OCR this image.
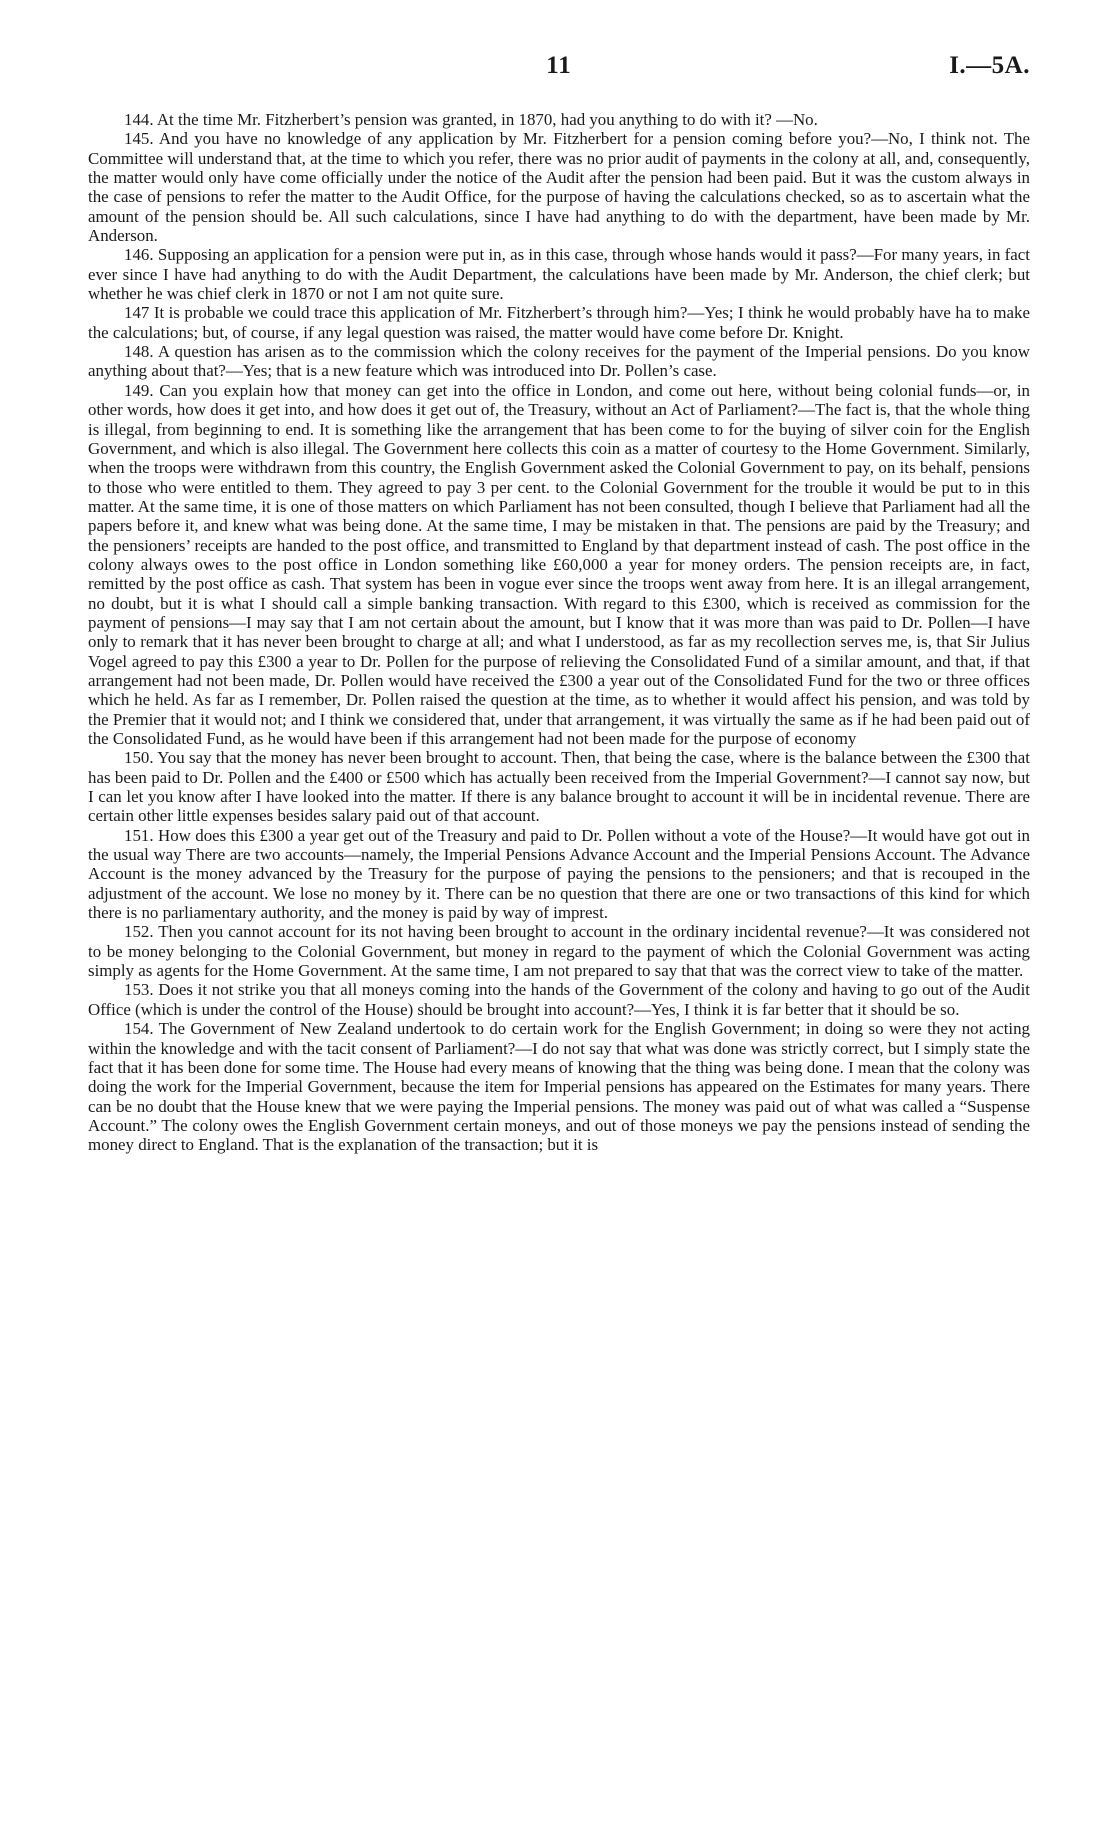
11	I.—5A.

144. At the time Mr. Fitzherbert’s pension was granted, in 1870, had you anything to do with it? —No.

145. And you have no knowledge of any application by Mr. Fitzherbert for a pension coming before you?—No, I think not. The Committee will understand that, at the time to which you refer, there was no prior audit of payments in the colony at all, and, consequently, the matter would only have come officially under the notice of the Audit after the pension had been paid. But it was the custom always in the case of pensions to refer the matter to the Audit Office, for the purpose of having the calculations checked, so as to ascertain what the amount of the pension should be. All such calculations, since I have had anything to do with the department, have been made by Mr. Anderson.

146. Supposing an application for a pension were put in, as in this case, through whose hands would it pass?—For many years, in fact ever since I have had anything to do with the Audit Department, the calculations have been made by Mr. Anderson, the chief clerk; but whether he was chief clerk in 1870 or not I am not quite sure.

147 It is probable we could trace this application of Mr. Fitzherbert’s through him?—Yes; I think he would probably have ha to make the calculations; but, of course, if any legal question was raised, the matter would have come before Dr. Knight.

148. A question has arisen as to the commission which the colony receives for the payment of the Imperial pensions. Do you know anything about that?—Yes; that is a new feature which was introduced into Dr. Pollen’s case.

149. Can you explain how that money can get into the office in London, and come out here, without being colonial funds—or, in other words, how does it get into, and how does it get out of, the Treasury, without an Act of Parliament?—The fact is, that the whole thing is illegal, from beginning to end. It is something like the arrangement that has been come to for the buying of silver coin for the English Government, and which is also illegal. The Government here collects this coin as a matter of courtesy to the Home Government. Similarly, when the troops were withdrawn from this country, the English Government asked the Colonial Government to pay, on its behalf, pensions to those who were entitled to them. They agreed to pay 3 per cent. to the Colonial Government for the trouble it would be put to in this matter. At the same time, it is one of those matters on which Parliament has not been consulted, though I believe that Parliament had all the papers before it, and knew what was being done. At the same time, I may be mistaken in that. The pensions are paid by the Treasury; and the pensioners’ receipts are handed to the post office, and transmitted to England by that department instead of cash. The post office in the colony always owes to the post office in London something like £60,000 a year for money orders. The pension receipts are, in fact, remitted by the post office as cash. That system has been in vogue ever since the troops went away from here. It is an illegal arrangement, no doubt, but it is what I should call a simple banking transaction. With regard to this £300, which is received as commission for the payment of pensions—I may say that I am not certain about the amount, but I know that it was more than was paid to Dr. Pollen—I have only to remark that it has never been brought to charge at all; and what I understood, as far as my recollection serves me, is, that Sir Julius Vogel agreed to pay this £300 a year to Dr. Pollen for the purpose of relieving the Consolidated Fund of a similar amount, and that, if that arrangement had not been made, Dr. Pollen would have received the £300 a year out of the Consolidated Fund for the two or three offices which he held. As far as I remember, Dr. Pollen raised the question at the time, as to whether it would affect his pension, and was told by the Premier that it would not; and I think we considered that, under that arrangement, it was virtually the same as if he had been paid out of the Consolidated Fund, as he would have been if this arrangement had not been made for the purpose of economy

150. You say that the money has never been brought to account. Then, that being the case, where is the balance between the £300 that has been paid to Dr. Pollen and the £400 or £500 which has actually been received from the Imperial Government?—I cannot say now, but I can let you know after I have looked into the matter. If there is any balance brought to account it will be in incidental revenue. There are certain other little expenses besides salary paid out of that account.

151. How does this £300 a year get out of the Treasury and paid to Dr. Pollen without a vote of the House?—It would have got out in the usual way There are two accounts—namely, the Imperial Pensions Advance Account and the Imperial Pensions Account. The Advance Account is the money advanced by the Treasury for the purpose of paying the pensions to the pensioners; and that is recouped in the adjustment of the account. We lose no money by it. There can be no question that there are one or two transactions of this kind for which there is no parliamentary authority, and the money is paid by way of imprest.

152. Then you cannot account for its not having been brought to account in the ordinary incidental revenue?—It was considered not to be money belonging to the Colonial Government, but money in regard to the payment of which the Colonial Government was acting simply as agents for the Home Government. At the same time, I am not prepared to say that that was the correct view to take of the matter.

153. Does it not strike you that all moneys coming into the hands of the Government of the colony and having to go out of the Audit Office (which is under the control of the House) should be brought into account?—Yes, I think it is far better that it should be so.

154. The Government of New Zealand undertook to do certain work for the English Government; in doing so were they not acting within the knowledge and with the tacit consent of Parliament?—I do not say that what was done was strictly correct, but I simply state the fact that it has been done for some time. The House had every means of knowing that the thing was being done. I mean that the colony was doing the work for the Imperial Government, because the item for Imperial pensions has appeared on the Estimates for many years. There can be no doubt that the House knew that we were paying the Imperial pensions. The money was paid out of what was called a “Suspense Account.” The colony owes the English Government certain moneys, and out of those moneys we pay the pensions instead of sending the money direct to England. That is the explanation of the transaction; but it is
